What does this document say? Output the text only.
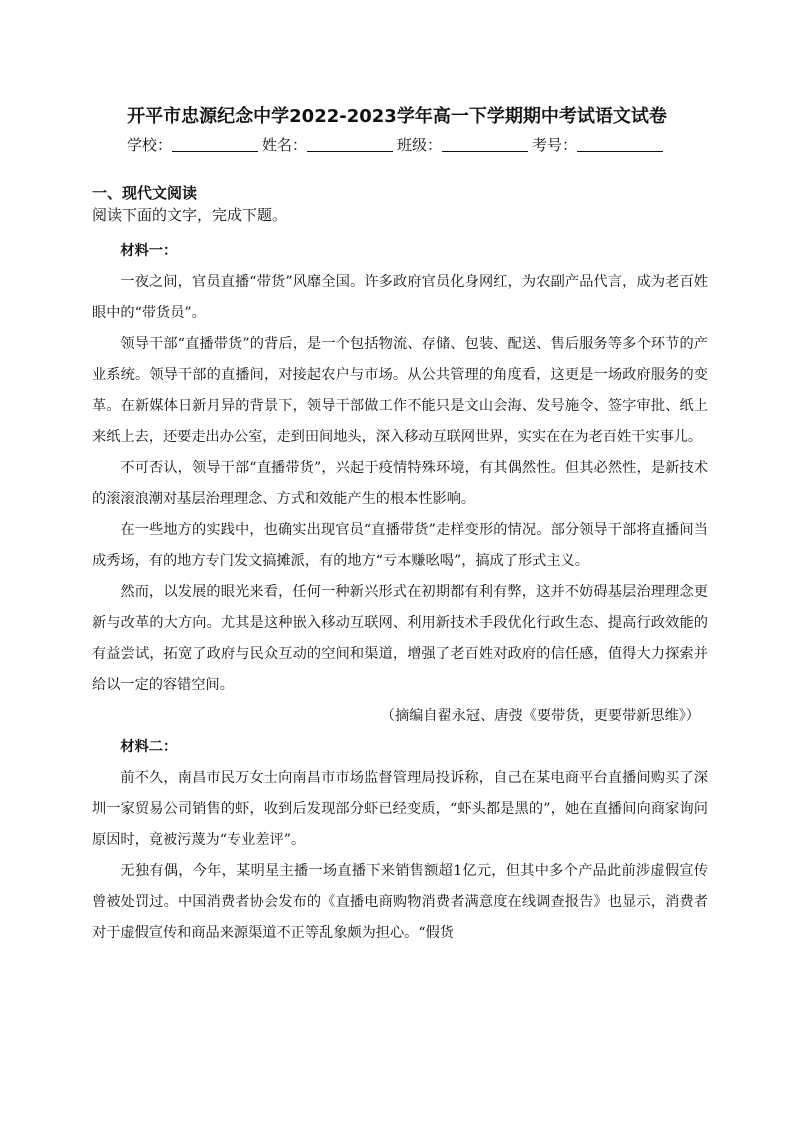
开平市忠源纪念中学2022-2023学年高一下学期期中考试语文试卷
学校：	姓名：	班级：	考号：
一、现代文阅读
阅读下面的文字，完成下题。

材料一：

一夜之间，官员直播“带货”风靡全国。许多政府官员化身网红，为农副产品代言，成为老百姓眼中的“带货员”。

领导干部“直播带货”的背后，是一个包括物流、存储、包装、配送、售后服务等多个环节的产业系统。领导干部的直播间，对接起农户与市场。从公共管理的角度看，这更是一场政府服务的变革。在新媒体日新月异的背景下，领导干部做工作不能只是文山会海、发号施令、签字审批、纸上来纸上去，还要走出办公室，走到田间地头，深入移动互联网世界，实实在在为老百姓干实事儿。

不可否认，领导干部“直播带货”，兴起于疫情特殊环境，有其偶然性。但其必然性，是新技术的滚滚浪潮对基层治理理念、方式和效能产生的根本性影响。

在一些地方的实践中，也确实出现官员“直播带货”走样变形的情况。部分领导干部将直播间当成秀场，有的地方专门发文搞摊派，有的地方“亏本赚吆喝”，搞成了形式主义。

然而，以发展的眼光来看，任何一种新兴形式在初期都有利有弊，这并不妨碍基层治理理念更新与改革的大方向。尤其是这种嵌入移动互联网、利用新技术手段优化行政生态、提高行政效能的有益尝试，拓宽了政府与民众互动的空间和渠道，增强了老百姓对政府的信任感，值得大力探索并给以一定的容错空间。

（摘编自翟永冠、唐弢《要带货，更要带新思维》）

材料二：

前不久，南昌市民万女士向南昌市市场监督管理局投诉称，自己在某电商平台直播间购买了深圳一家贸易公司销售的虾，收到后发现部分虾已经变质，“虾头都是黑的”，她在直播间向商家询问原因时，竟被污蔑为“专业差评”。

无独有偶，今年，某明星主播一场直播下来销售额超1亿元，但其中多个产品此前涉虚假宣传曾被处罚过。中国消费者协会发布的《直播电商购物消费者满意度在线调查报告》也显示，消费者对于虚假宣传和商品来源渠道不正等乱象颇为担心。“假货
